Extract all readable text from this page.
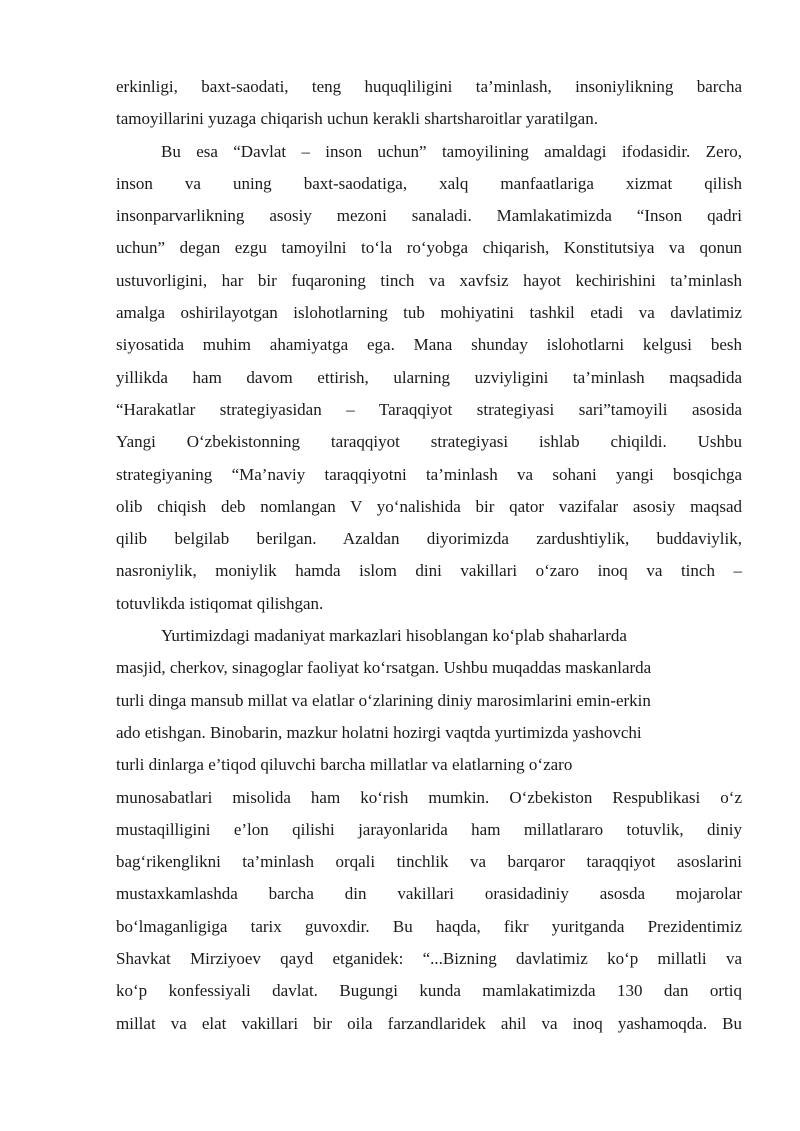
erkinligi, baxt-saodati, teng huquqliligini ta’minlash, insoniylikning barcha
tamoyillarini yuzaga chiqarish uchun kerakli shartsharoitlar yaratilgan.
Bu esa “Davlat – inson uchun” tamoyilining amaldagi ifodasidir. Zero,
inson va uning baxt-saodatiga, xalq manfaatlariga xizmat qilish
insonparvarlikning asosiy mezoni sanaladi. Mamlakatimizda “Inson qadri
uchun” degan ezgu tamoyilni to‘la ro‘yobga chiqarish, Konstitutsiya va qonun
ustuvorligini, har bir fuqaroning tinch va xavfsiz hayot kechirishini ta’minlash
amalga oshirilayotgan islohotlarning tub mohiyatini tashkil etadi va davlatimiz
siyosatida muhim ahamiyatga ega. Mana shunday islohotlarni kelgusi besh
yillikda ham davom ettirish, ularning uzviyligini ta’minlash maqsadida
“Harakatlar strategiyasidan – Taraqqiyot strategiyasi sari”tamoyili asosida
Yangi O‘zbekistonning taraqqiyot strategiyasi ishlab chiqildi. Ushbu
strategiyaning “Ma’naviy taraqqiyotni ta’minlash va sohani yangi bosqichga
olib chiqish deb nomlangan V yo‘nalishida bir qator vazifalar asosiy maqsad
qilib belgilab berilgan. Azaldan diyorimizda zardushtiylik, buddaviylik,
nasroniylik, moniylik hamda islom dini vakillari o‘zaro inoq va tinch –
totuvlikda istiqomat qilishgan.
Yurtimizdagi madaniyat markazlari hisoblangan ko‘plab shaharlarda
masjid, cherkov, sinagoglar faoliyat ko‘rsatgan. Ushbu muqaddas maskanlarda
turli dinga mansub millat va elatlar o‘zlarining diniy marosimlarini emin-erkin
ado etishgan. Binobarin, mazkur holatni hozirgi vaqtda yurtimizda yashovchi
turli dinlarga e’tiqod qiluvchi barcha millatlar va elatlarning o‘zaro
munosabatlari misolida ham ko‘rish mumkin. O‘zbekiston Respublikasi o‘z
mustaqilligini e’lon qilishi jarayonlarida ham millatlararo totuvlik, diniy
bag‘rikenglikni ta’minlash orqali tinchlik va barqaror taraqqiyot asoslarini
mustaxkamlashda barcha din vakillari orasidadiniy asosda mojarolar
bo‘lmaganligiga tarix guvoxdir. Bu haqda, fikr yuritganda Prezidentimiz
Shavkat Mirziyoev qayd etganidek: “...Bizning davlatimiz ko‘p millatli va
ko‘p konfessiyali davlat. Bugungi kunda mamlakatimizda 130 dan ortiq
millat va elat vakillari bir oila farzandlaridek ahil va inoq yashamoqda. Bu
